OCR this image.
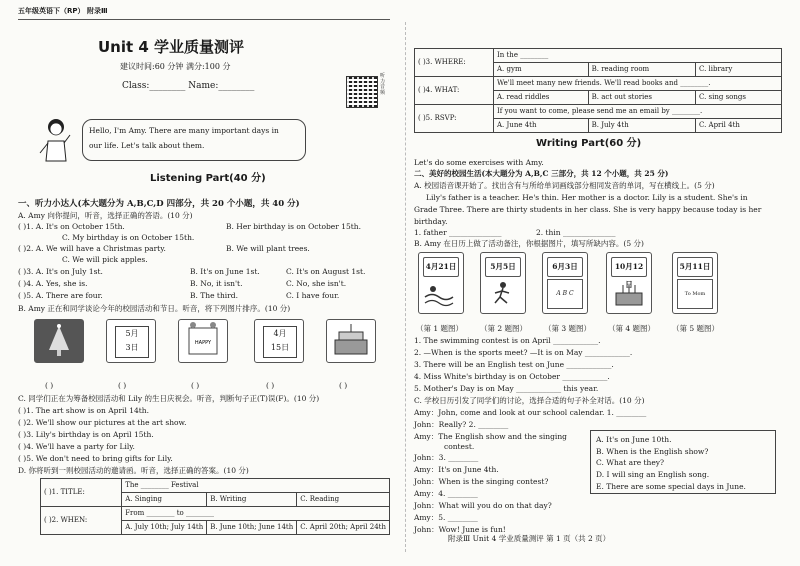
五年级英语下（RP） 附录Ⅲ
Unit 4 学业质量测评
建议时间:60 分钟 满分:100 分
Class:________ Name:________
听力音频
Hello, I'm Amy. There are many important days in
our life. Let's talk about them.
Listening Part(40 分)
一、听力小达人(本大题分为 A,B,C,D 四部分，共 20 个小题，共 40 分)
A. Amy 向你提问，听音，选择正确的答语。(10 分)
( )1. A. It's on October 15th.	B. Her birthday is on October 15th.
C. My birthday is on October 15th.
( )2. A. We will have a Christmas party.	B. We will plant trees.
C. We will pick apples.
( )3. A. It's on July 1st.	B. It's on June 1st.	C. It's on August 1st.
( )4. A. Yes, she is.	B. No, it isn't.	C. No, she isn't.
( )5. A. There are four.	B. The third.	C. I have four.
B. Amy 正在和同学谈论今年的校园活动和节日。听音，将下列图片排序。(10 分)
5月
3日	HAPPY
4月
15日
( )	( )	( )	( )	( )
C. 同学们正在为筹备校园活动和 Lily 的生日庆祝会。听音，判断句子正(T)误(F)。(10 分)
( )1. The art show is on April 14th.
( )2. We'll show our pictures at the art show.
( )3. Lily's birthday is on April 15th.
( )4. We'll have a party for Lily.
( )5. We don't need to bring gifts for Lily.
D. 你将听到一则校园活动的邀请函。听音，选择正确的答案。(10 分)
( )1. TITLE:	The ________ Festival		
	A. Singing	B. Writing	C. Reading
( )2. WHEN:	From ________ to ________		
	A. July 10th; July 14th	B. June 10th; June 14th	C. April 20th; April 24th
( )3. WHERE:	In the ________		
	A. gym	B. reading room	C. library
( )4. WHAT:	We'll meet many new friends. We'll read books and ________.		
	A. read riddles	B. act out stories	C. sing songs
( )5. RSVP:	If you want to come, please send me an email by ________.		
	A. June 4th	B. July 4th	C. April 4th
Writing Part(60 分)
Let's do some exercises with Amy.
二、美好的校园生活(本大题分为 A,B,C 三部分，共 12 个小题，共 25 分)
A. 校园语音课开始了。找出含有与所给单词画线部分相同发音的单词，写在横线上。(5 分)
Lily's father is a teacher. He's thin. Her mother is a doctor. Lily is a student. She's in
Grade Three. There are thirty students in her class. She is very happy because today is her
birthday.
1. father ______________	2. thin ______________
B. Amy 在日历上做了活动备注，你根据图片，填写所缺内容。(5 分)
4月21日	5月5日	6月3日
A B C
10月12日
5月11日
To Mom
（第 1 题图） （第 2 题图） （第 3 题图） （第 4 题图） （第 5 题图）
1. The swimming contest is on April ____________.
2. —When is the sports meet? —It is on May ____________.
3. There will be an English test on June ____________.
4. Miss White's birthday is on October ____________.
5. Mother's Day is on May ____________ this year.
C. 学校日历引发了同学们的讨论，选择合适的句子补全对话。(10 分)
Amy：John, come and look at our school calendar. 1. ________
John：Really? 2. ________
Amy：The English show and the singing
contest.
John：3. ________
Amy：It's on June 4th.
John：When is the singing contest?
Amy：4. ________
John：What will you do on that day?
Amy：5. ________
John：Wow! June is fun!
A. It's on June 10th.
B. When is the English show?
C. What are they?
D. I will sing an English song.
E. There are some special days in June.
附录Ⅲ Unit 4 学业质量测评 第 1 页（共 2 页）
